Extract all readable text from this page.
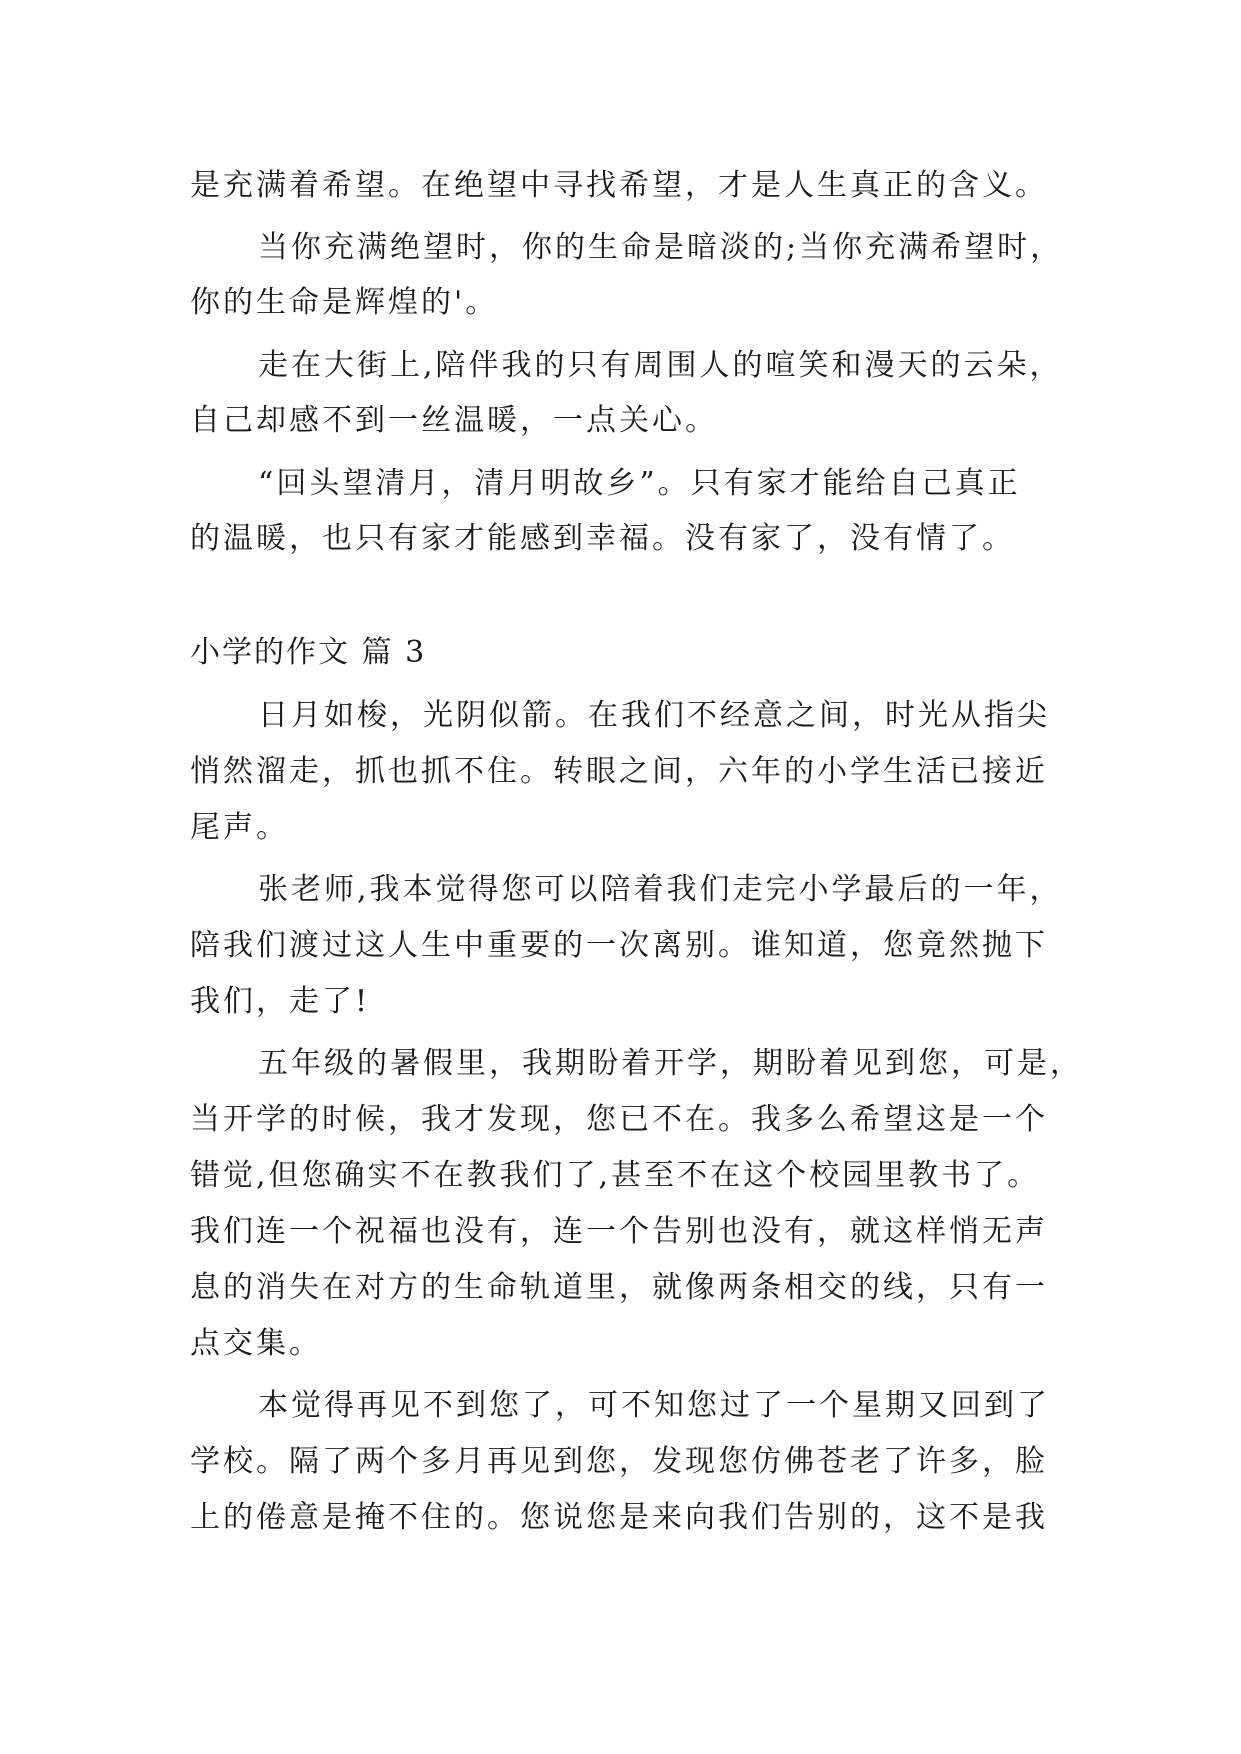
是充满着希望。在绝望中寻找希望，才是人生真正的含义。
当你充满绝望时，你的生命是暗淡的;当你充满希望时，
你的生命是辉煌的'。
走在大街上,陪伴我的只有周围人的喧笑和漫天的云朵，
自己却感不到一丝温暖，一点关心。
“回头望清月，清月明故乡”。只有家才能给自己真正
的温暖，也只有家才能感到幸福。没有家了，没有情了。
小学的作文 篇 3
日月如梭，光阴似箭。在我们不经意之间，时光从指尖
悄然溜走，抓也抓不住。转眼之间，六年的小学生活已接近
尾声。
张老师,我本觉得您可以陪着我们走完小学最后的一年，
陪我们渡过这人生中重要的一次离别。谁知道，您竟然抛下
我们，走了!
五年级的暑假里，我期盼着开学，期盼着见到您，可是，
当开学的时候，我才发现，您已不在。我多么希望这是一个
错觉,但您确实不在教我们了,甚至不在这个校园里教书了。
我们连一个祝福也没有，连一个告别也没有，就这样悄无声
息的消失在对方的生命轨道里，就像两条相交的线，只有一
点交集。
本觉得再见不到您了，可不知您过了一个星期又回到了
学校。隔了两个多月再见到您，发现您仿佛苍老了许多，脸
上的倦意是掩不住的。您说您是来向我们告别的，这不是我
